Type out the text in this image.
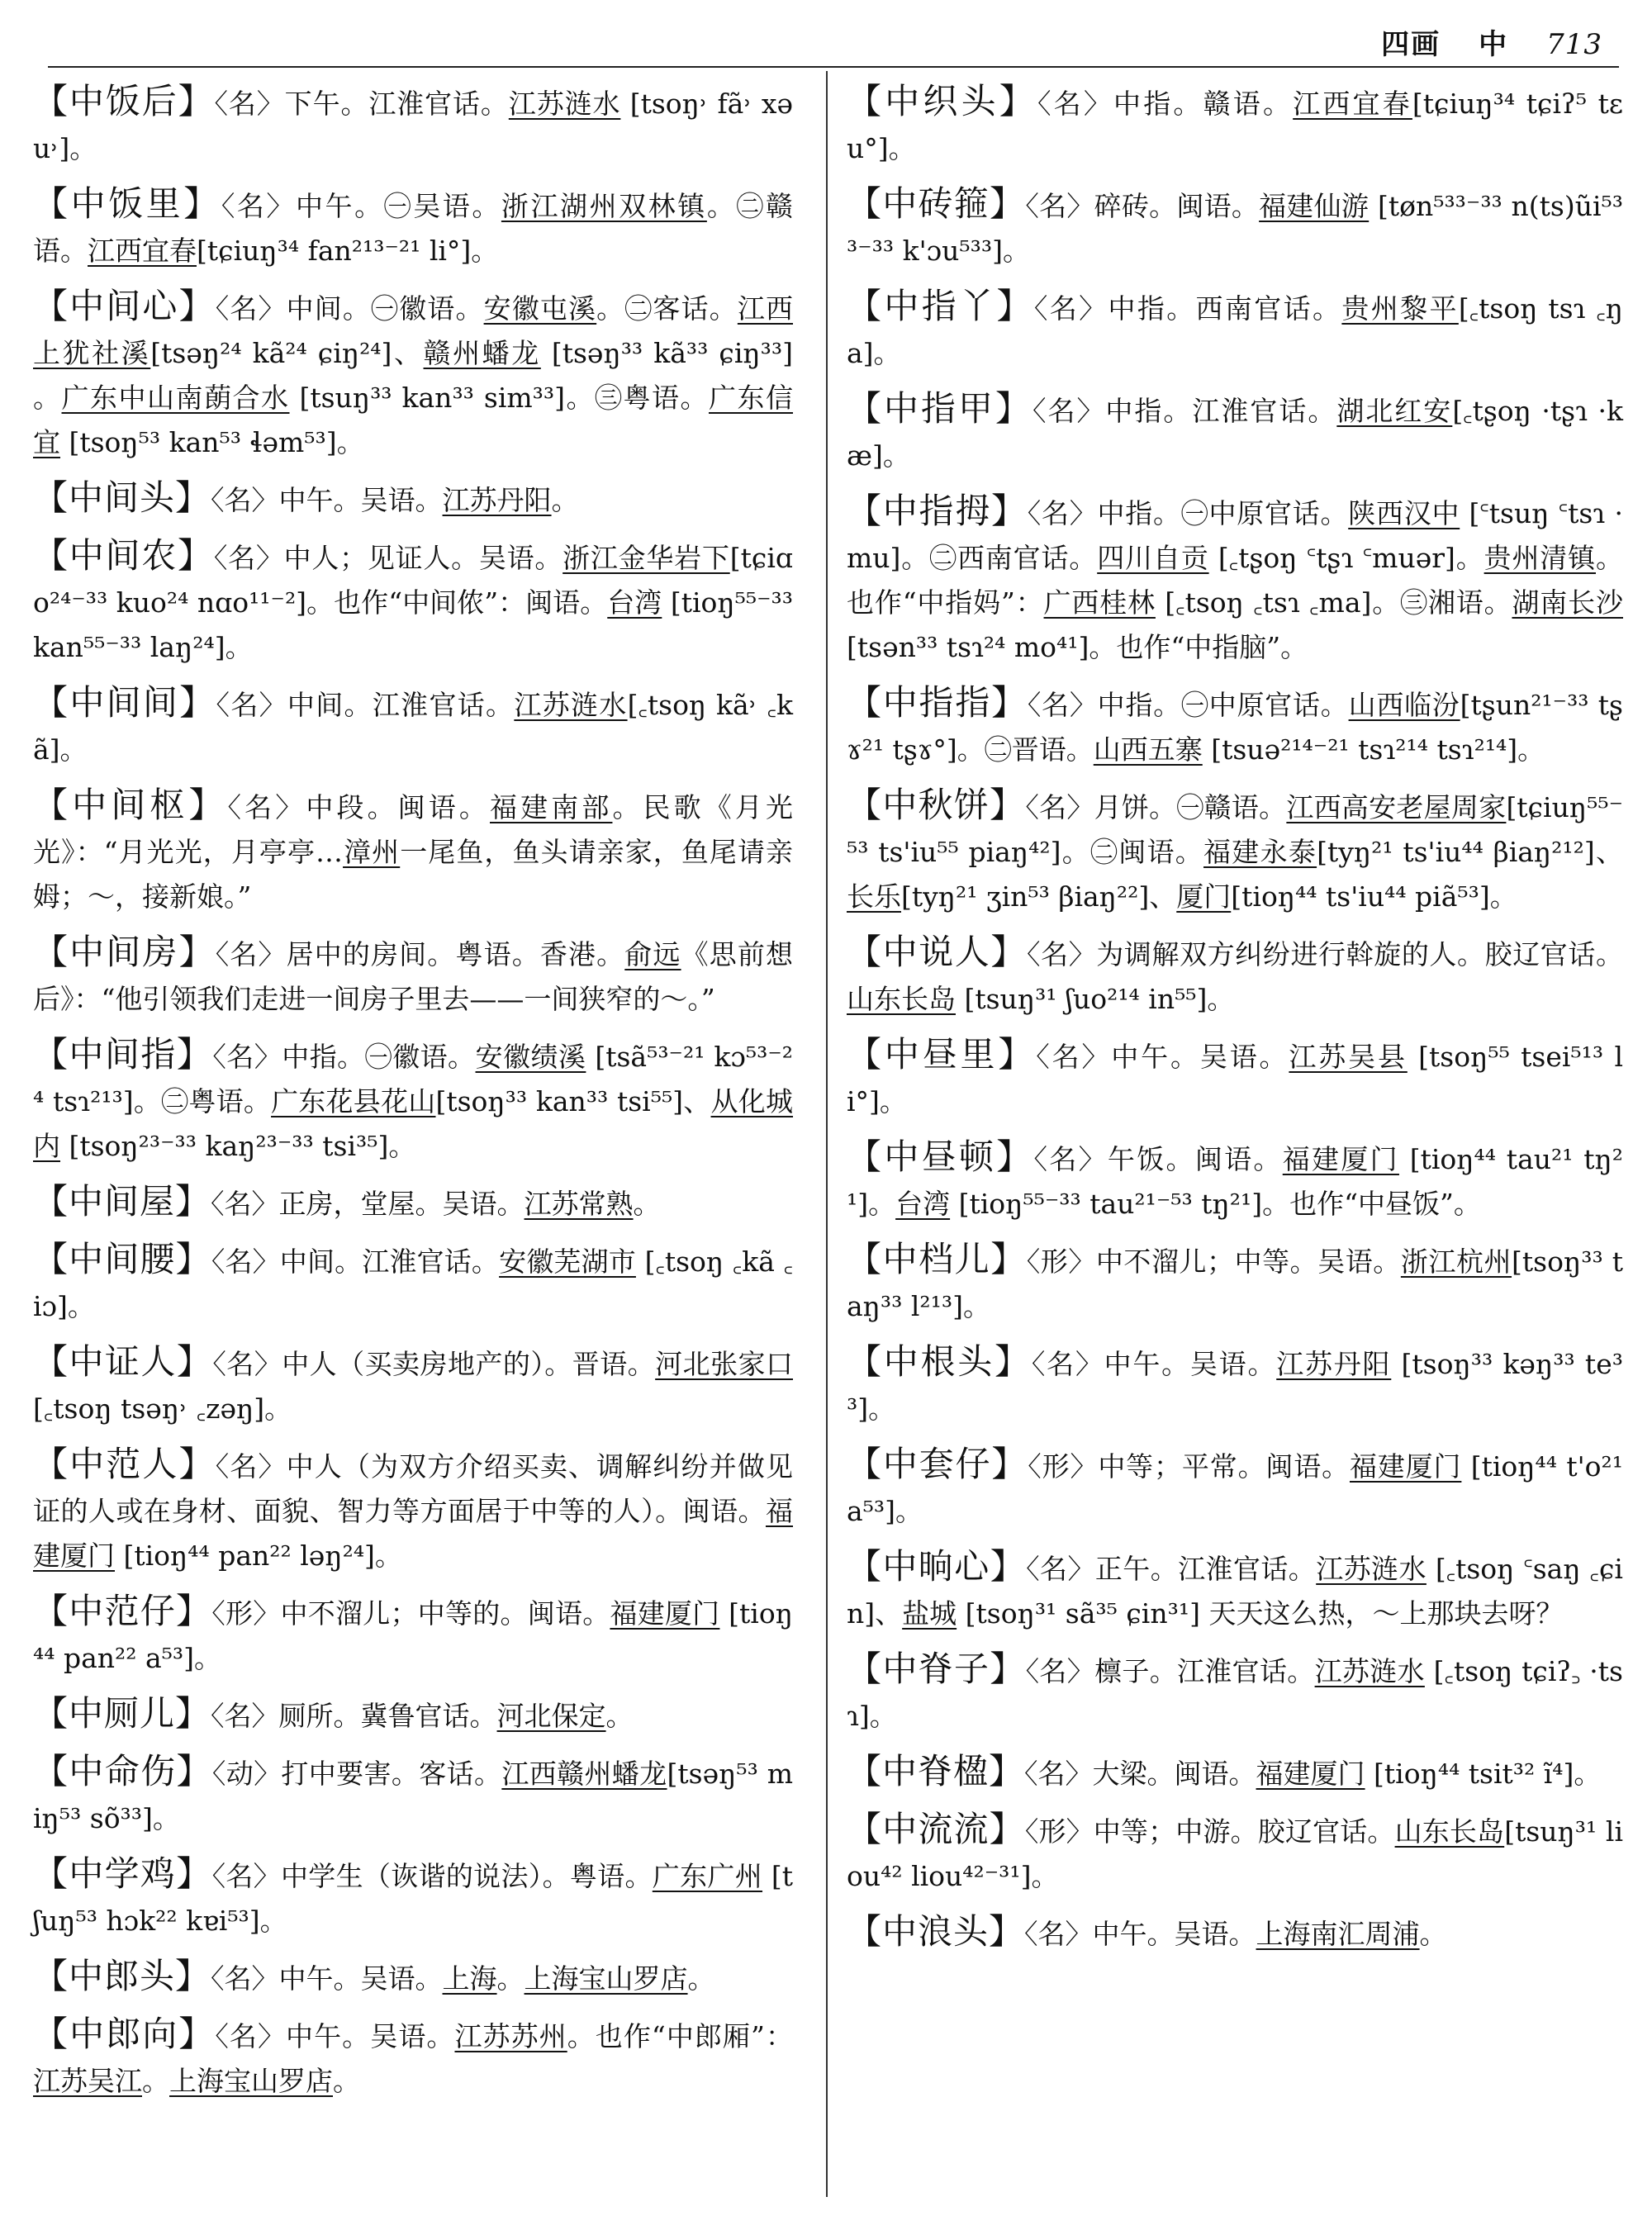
四画 中 713
【中饭后】〈名〉下午。江淮官话。江苏涟水 [tsoŋ˒ fã˒ xəu˒]。
【中饭里】〈名〉中午。㊀吴语。浙江湖州双林镇。㊁赣语。江西宜春[tɕiuŋ³⁴ fan²¹³⁻²¹ li°]。
【中间心】〈名〉中间。㊀徽语。安徽屯溪。㊁客话。江西上犹社溪[tsəŋ²⁴ kã²⁴ ɕiŋ²⁴]、赣州蟠龙 [tsəŋ³³ kã³³ ɕiŋ³³] 。广东中山南蓢合水 [tsuŋ³³ kan³³ sim³³]。㊂粤语。广东信宜 [tsoŋ⁵³ kan⁵³ ɬəm⁵³]。
【中间头】〈名〉中午。吴语。江苏丹阳。
【中间农】〈名〉中人；见证人。吴语。浙江金华岩下[tɕiɑo²⁴⁻³³ kuo²⁴ nɑo¹¹⁻²]。也作“中间侬”：闽语。台湾 [tioŋ⁵⁵⁻³³ kan⁵⁵⁻³³ laŋ²⁴]。
【中间间】〈名〉中间。江淮官话。江苏涟水[꜀tsoŋ kã˒ ꜀kã]。
【中间枢】〈名〉中段。闽语。福建南部。民歌《月光光》：“月光光，月亭亭…漳州一尾鱼，鱼头请亲家，鱼尾请亲姆；～，接新娘。”
【中间房】〈名〉居中的房间。粤语。香港。俞远《思前想后》：“他引领我们走进一间房子里去——一间狭窄的～。”
【中间指】〈名〉中指。㊀徽语。安徽绩溪 [tsã⁵³⁻²¹ kɔ⁵³⁻²⁴ tsɿ²¹³]。㊁粤语。广东花县花山[tsoŋ³³ kan³³ tsi⁵⁵]、从化城内 [tsoŋ²³⁻³³ kaŋ²³⁻³³ tsi³⁵]。
【中间屋】〈名〉正房，堂屋。吴语。江苏常熟。
【中间腰】〈名〉中间。江淮官话。安徽芜湖市 [꜀tsoŋ ꜀kã ꜀iɔ]。
【中证人】〈名〉中人（买卖房地产的）。晋语。河北张家口[꜀tsoŋ tsəŋ˒ ꜀zəŋ]。
【中范人】〈名〉中人（为双方介绍买卖、调解纠纷并做见证的人或在身材、面貌、智力等方面居于中等的人）。闽语。福建厦门 [tioŋ⁴⁴ pan²² ləŋ²⁴]。
【中范仔】〈形〉中不溜儿；中等的。闽语。福建厦门 [tioŋ⁴⁴ pan²² a⁵³]。
【中厕儿】〈名〉厕所。冀鲁官话。河北保定。
【中命伤】〈动〉打中要害。客话。江西赣州蟠龙[tsəŋ⁵³ miŋ⁵³ sõ³³]。
【中学鸡】〈名〉中学生（诙谐的说法）。粤语。广东广州 [tʃuŋ⁵³ hɔk²² kɐi⁵³]。
【中郎头】〈名〉中午。吴语。上海。上海宝山罗店。
【中郎向】〈名〉中午。吴语。江苏苏州。也作“中郎厢”：江苏吴江。上海宝山罗店。
【中织头】〈名〉中指。赣语。江西宜春[tɕiuŋ³⁴ tɕiʔ⁵ tɛu°]。
【中砖箍】〈名〉碎砖。闽语。福建仙游 [tøn⁵³³⁻³³ n(ts)ũi⁵³³⁻³³ k'ɔu⁵³³]。
【中指丫】〈名〉中指。西南官话。贵州黎平[꜀tsoŋ tsɿ ꜀ŋa]。
【中指甲】〈名〉中指。江淮官话。湖北红安[꜀tʂoŋ ·tʂɿ ·kæ]。
【中指拇】〈名〉中指。㊀中原官话。陕西汉中 [꜂tsuŋ ꜂tsɿ ·mu]。㊁西南官话。四川自贡 [꜀tʂoŋ ꜂tʂɿ ꜂muər]。贵州清镇。也作“中指妈”：广西桂林 [꜀tsoŋ ꜀tsɿ ꜀ma]。㊂湘语。湖南长沙[tsən³³ tsɿ²⁴ mo⁴¹]。也作“中指脑”。
【中指指】〈名〉中指。㊀中原官话。山西临汾[tʂun²¹⁻³³ tʂɤ²¹ tʂɤ°]。㊁晋语。山西五寨 [tsuə²¹⁴⁻²¹ tsɿ²¹⁴ tsɿ²¹⁴]。
【中秋饼】〈名〉月饼。㊀赣语。江西高安老屋周家[tɕiuŋ⁵⁵⁻⁵³ ts'iu⁵⁵ piaŋ⁴²]。㊁闽语。福建永泰[tyŋ²¹ ts'iu⁴⁴ βiaŋ²¹²]、长乐[tyŋ²¹ ʒin⁵³ βiaŋ²²]、厦门[tioŋ⁴⁴ ts'iu⁴⁴ piã⁵³]。
【中说人】〈名〉为调解双方纠纷进行斡旋的人。胶辽官话。山东长岛 [tsuŋ³¹ ʃuo²¹⁴ in⁵⁵]。
【中昼里】〈名〉中午。吴语。江苏吴县 [tsoŋ⁵⁵ tsei⁵¹³ li°]。
【中昼顿】〈名〉午饭。闽语。福建厦门 [tioŋ⁴⁴ tau²¹ tŋ²¹]。台湾 [tioŋ⁵⁵⁻³³ tau²¹⁻⁵³ tŋ²¹]。也作“中昼饭”。
【中档儿】〈形〉中不溜儿；中等。吴语。浙江杭州[tsoŋ³³ taŋ³³ l²¹³]。
【中根头】〈名〉中午。吴语。江苏丹阳 [tsoŋ³³ kəŋ³³ te³³]。
【中套仔】〈形〉中等；平常。闽语。福建厦门 [tioŋ⁴⁴ t'o²¹ a⁵³]。
【中晌心】〈名〉正午。江淮官话。江苏涟水 [꜀tsoŋ ꜂saŋ ꜀ɕin]、盐城 [tsoŋ³¹ sã³⁵ ɕin³¹] 天天这么热，～上那块去呀？
【中脊子】〈名〉檩子。江淮官话。江苏涟水 [꜀tsoŋ tɕiʔ꜆ ·tsɿ]。
【中脊楹】〈名〉大梁。闽语。福建厦门 [tioŋ⁴⁴ tsit³² ĩ⁴]。
【中流流】〈形〉中等；中游。胶辽官话。山东长岛[tsuŋ³¹ liou⁴² liou⁴²⁻³¹]。
【中浪头】〈名〉中午。吴语。上海南汇周浦。
